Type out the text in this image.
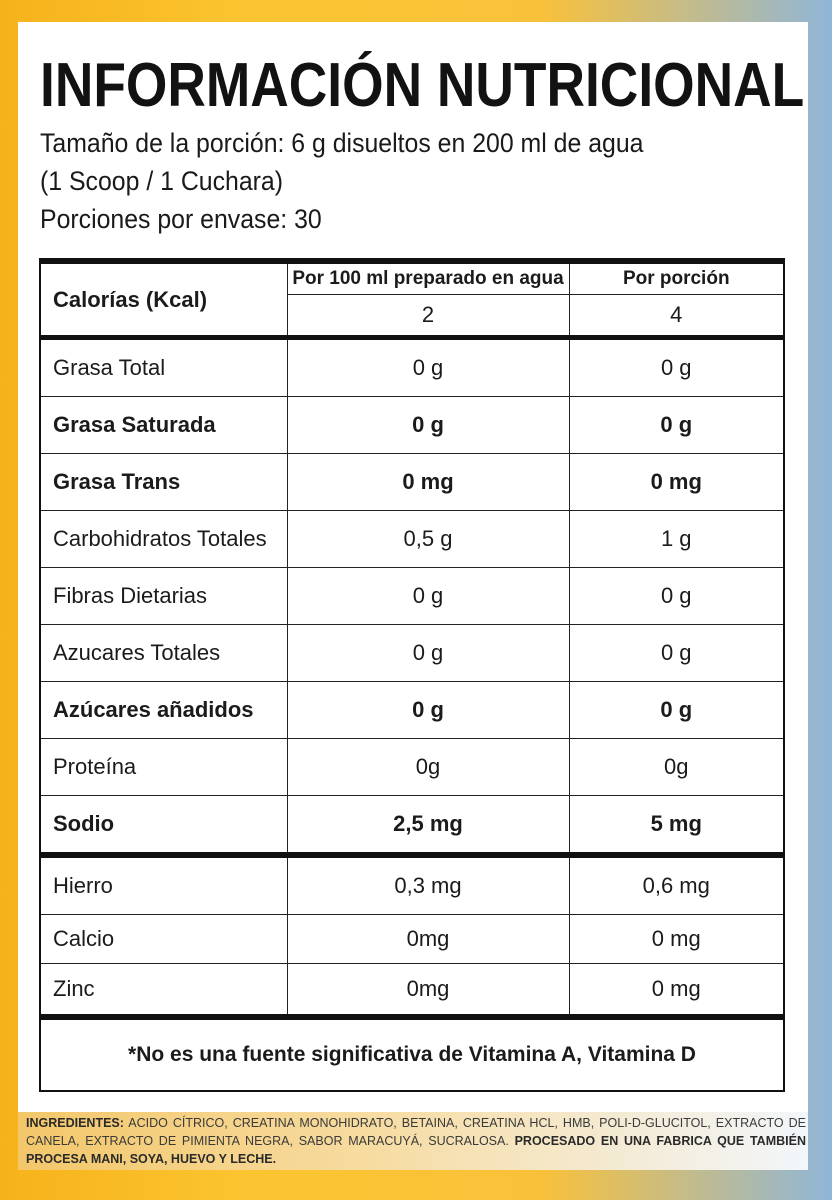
INFORMACIÓN NUTRICIONAL
Tamaño de la porción: 6 g disueltos en 200 ml de agua
(1 Scoop / 1 Cuchara)
Porciones por envase: 30
Calorías (Kcal)	Por 100 ml preparado en agua	Por porción
	2	4
Grasa Total	0 g	0 g
Grasa Saturada	0 g	0 g
Grasa Trans	0 mg	0 mg
Carbohidratos Totales	0,5 g	1 g
Fibras Dietarias	0 g	0 g
Azucares Totales	0 g	0 g
Azúcares añadidos	0 g	0 g
Proteína	0g	0g
Sodio	2,5 mg	5 mg
Hierro	0,3 mg	0,6 mg
Calcio	0mg	0 mg
Zinc	0mg	0 mg
*No es una fuente significativa de Vitamina A, Vitamina D		
INGREDIENTES: ACIDO CÍTRICO, CREATINA MONOHIDRATO, BETAINA, CREATINA HCL, HMB, POLI-D-GLUCITOL, EXTRACTO DE CANELA, EXTRACTO DE PIMIENTA NEGRA, SABOR MARACUYÁ, SUCRALOSA. PROCESADO EN UNA FABRICA QUE TAMBIÉN PROCESA MANI, SOYA, HUEVO Y LECHE.
